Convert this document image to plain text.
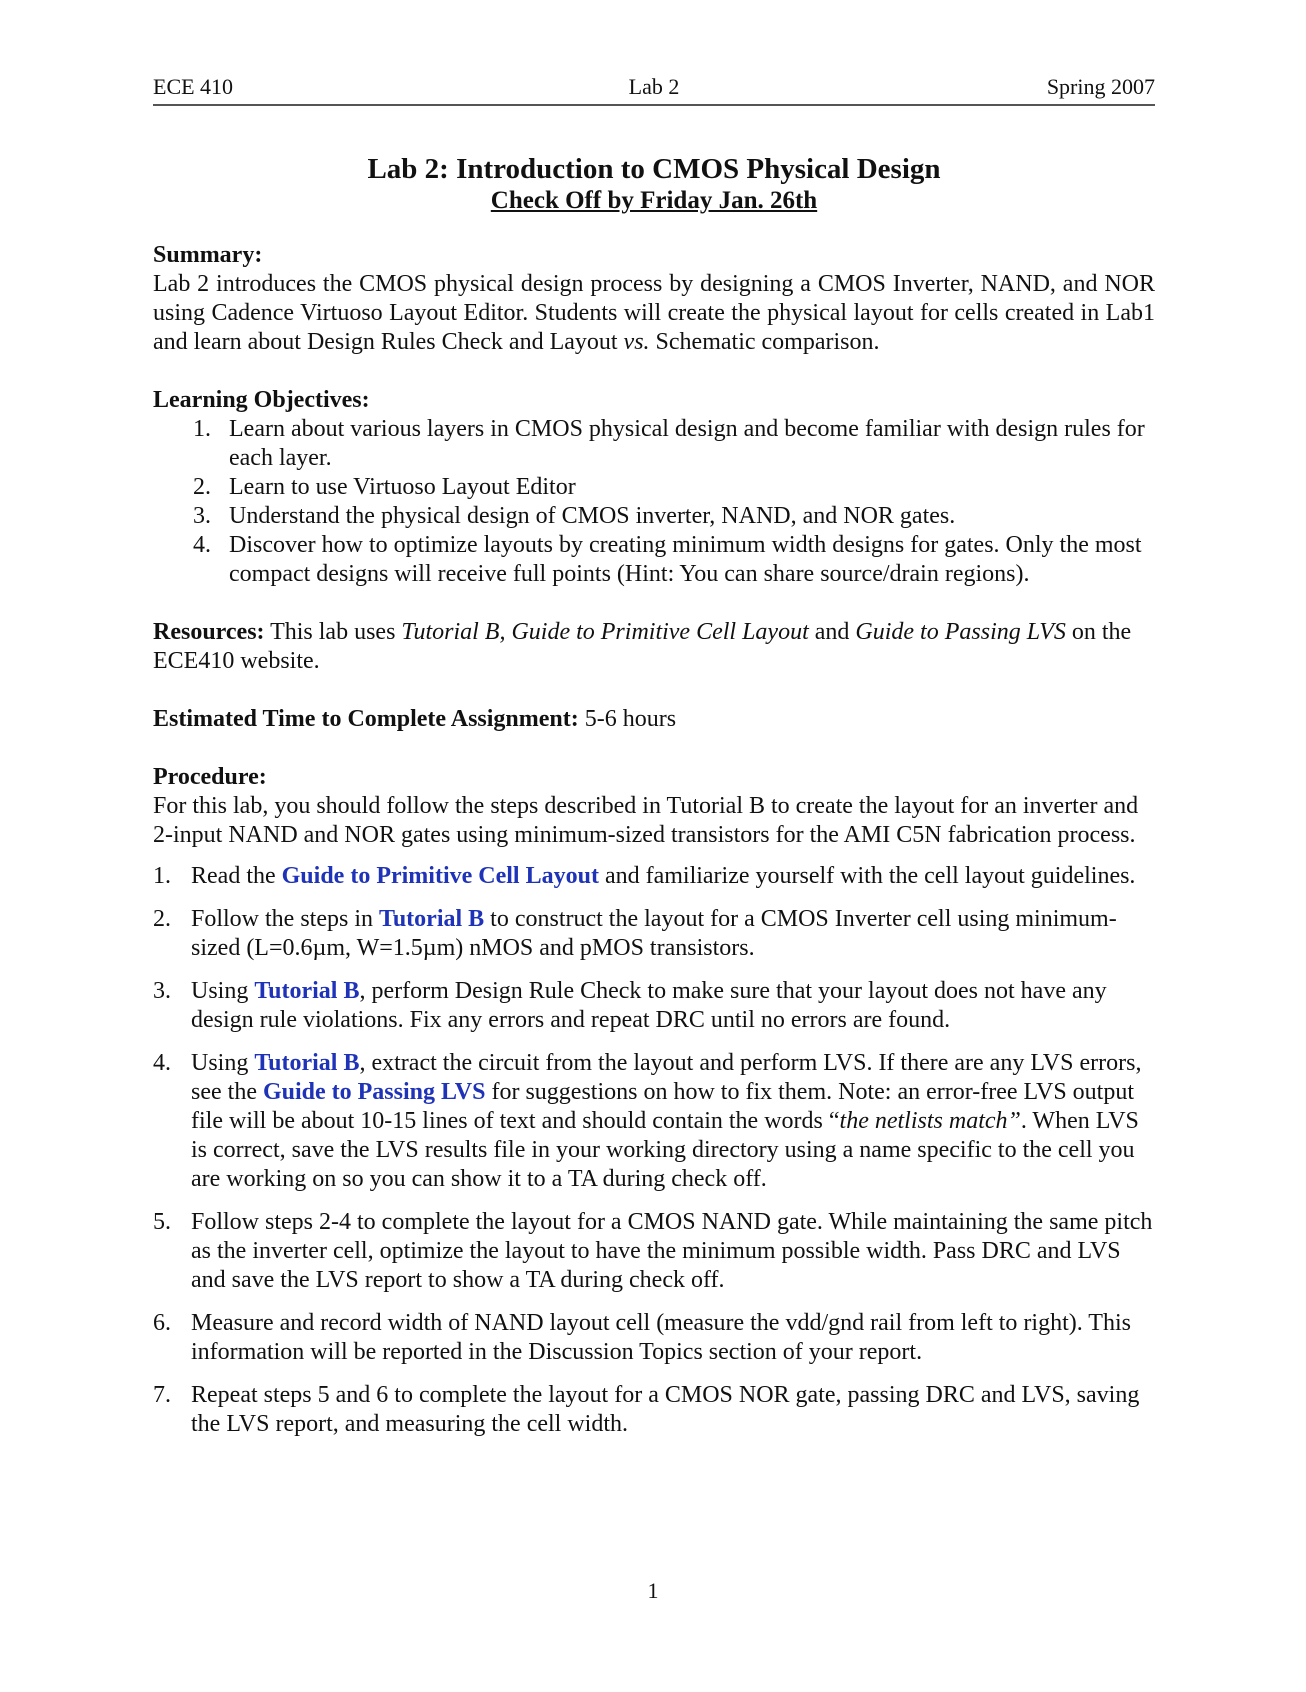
ECE 410	Lab 2	Spring 2007
Lab 2: Introduction to CMOS Physical Design
Check Off by Friday Jan. 26th
Summary:

Lab 2 introduces the CMOS physical design process by designing a CMOS Inverter, NAND, and NOR using Cadence Virtuoso Layout Editor. Students will create the physical layout for cells created in Lab1 and learn about Design Rules Check and Layout vs. Schematic comparison.

Learning Objectives:
1. Learn about various layers in CMOS physical design and become familiar with design rules for each layer.
2. Learn to use Virtuoso Layout Editor
3. Understand the physical design of CMOS inverter, NAND, and NOR gates.
4. Discover how to optimize layouts by creating minimum width designs for gates. Only the most compact designs will receive full points (Hint: You can share source/drain regions).

Resources: This lab uses Tutorial B, Guide to Primitive Cell Layout and Guide to Passing LVS on the ECE410 website.

Estimated Time to Complete Assignment: 5-6 hours

Procedure:

For this lab, you should follow the steps described in Tutorial B to create the layout for an inverter and 2-input NAND and NOR gates using minimum-sized transistors for the AMI C5N fabrication process.

1. Read the Guide to Primitive Cell Layout and familiarize yourself with the cell layout guidelines.
2. Follow the steps in Tutorial B to construct the layout for a CMOS Inverter cell using minimum-sized (L=0.6µm, W=1.5µm) nMOS and pMOS transistors.
3. Using Tutorial B, perform Design Rule Check to make sure that your layout does not have any design rule violations. Fix any errors and repeat DRC until no errors are found.
4. Using Tutorial B, extract the circuit from the layout and perform LVS. If there are any LVS errors, see the Guide to Passing LVS for suggestions on how to fix them. Note: an error-free LVS output file will be about 10-15 lines of text and should contain the words “the netlists match”. When LVS is correct, save the LVS results file in your working directory using a name specific to the cell you are working on so you can show it to a TA during check off.
5. Follow steps 2-4 to complete the layout for a CMOS NAND gate. While maintaining the same pitch as the inverter cell, optimize the layout to have the minimum possible width. Pass DRC and LVS and save the LVS report to show a TA during check off.
6. Measure and record width of NAND layout cell (measure the vdd/gnd rail from left to right). This information will be reported in the Discussion Topics section of your report.
7. Repeat steps 5 and 6 to complete the layout for a CMOS NOR gate, passing DRC and LVS, saving the LVS report, and measuring the cell width.
1
